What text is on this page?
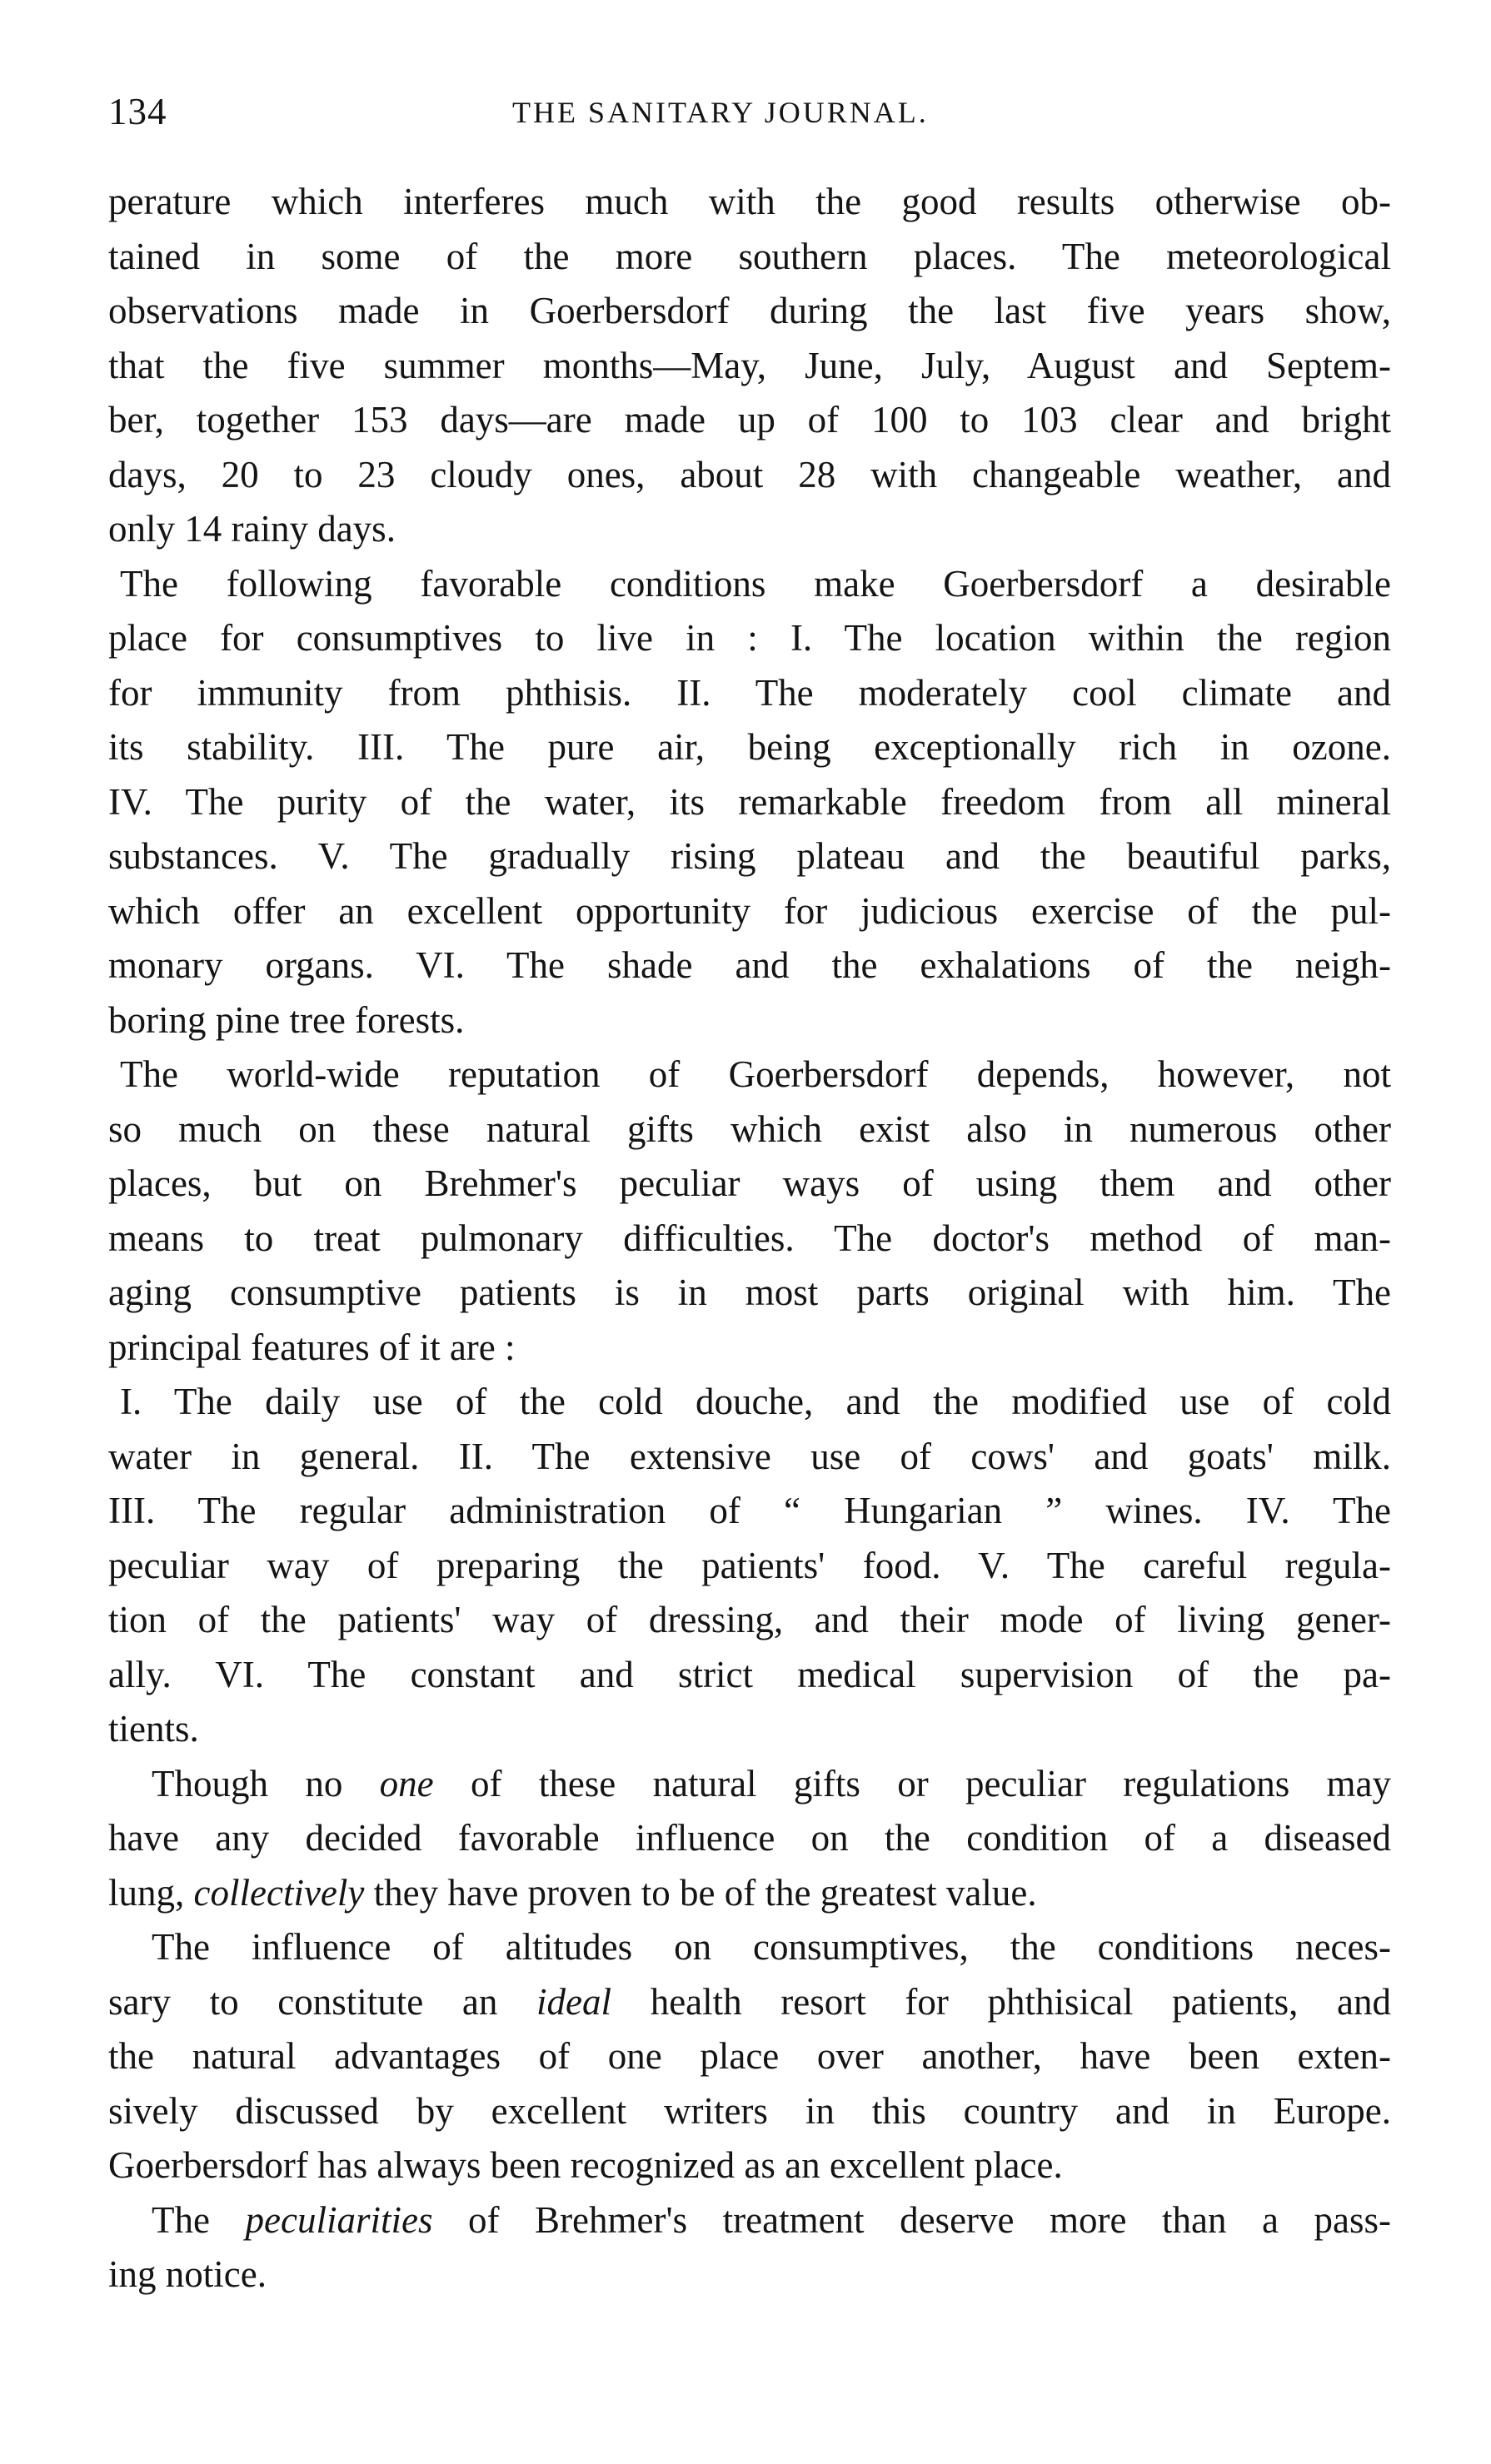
134	THE SANITARY JOURNAL.
perature which interferes much with the good results otherwise ob-
tained in some of the more southern places. The meteorological
observations made in Goerbersdorf during the last five years show,
that the five summer months—May, June, July, August and Septem-
ber, together 153 days—are made up of 100 to 103 clear and bright
days, 20 to 23 cloudy ones, about 28 with changeable weather, and
only 14 rainy days.
The following favorable conditions make Goerbersdorf a desirable
place for consumptives to live in : I. The location within the region
for immunity from phthisis. II. The moderately cool climate and
its stability. III. The pure air, being exceptionally rich in ozone.
IV. The purity of the water, its remarkable freedom from all mineral
substances. V. The gradually rising plateau and the beautiful parks,
which offer an excellent opportunity for judicious exercise of the pul-
monary organs. VI. The shade and the exhalations of the neigh-
boring pine tree forests.
The world-wide reputation of Goerbersdorf depends, however, not
so much on these natural gifts which exist also in numerous other
places, but on Brehmer's peculiar ways of using them and other
means to treat pulmonary difficulties. The doctor's method of man-
aging consumptive patients is in most parts original with him. The
principal features of it are :
I. The daily use of the cold douche, and the modified use of cold
water in general. II. The extensive use of cows' and goats' milk.
III. The regular administration of “ Hungarian ” wines. IV. The
peculiar way of preparing the patients' food. V. The careful regula-
tion of the patients' way of dressing, and their mode of living gener-
ally. VI. The constant and strict medical supervision of the pa-
tients.
Though no one of these natural gifts or peculiar regulations may
have any decided favorable influence on the condition of a diseased
lung, collectively they have proven to be of the greatest value.
The influence of altitudes on consumptives, the conditions neces-
sary to constitute an ideal health resort for phthisical patients, and
the natural advantages of one place over another, have been exten-
sively discussed by excellent writers in this country and in Europe.
Goerbersdorf has always been recognized as an excellent place.
The peculiarities of Brehmer's treatment deserve more than a pass-
ing notice.
